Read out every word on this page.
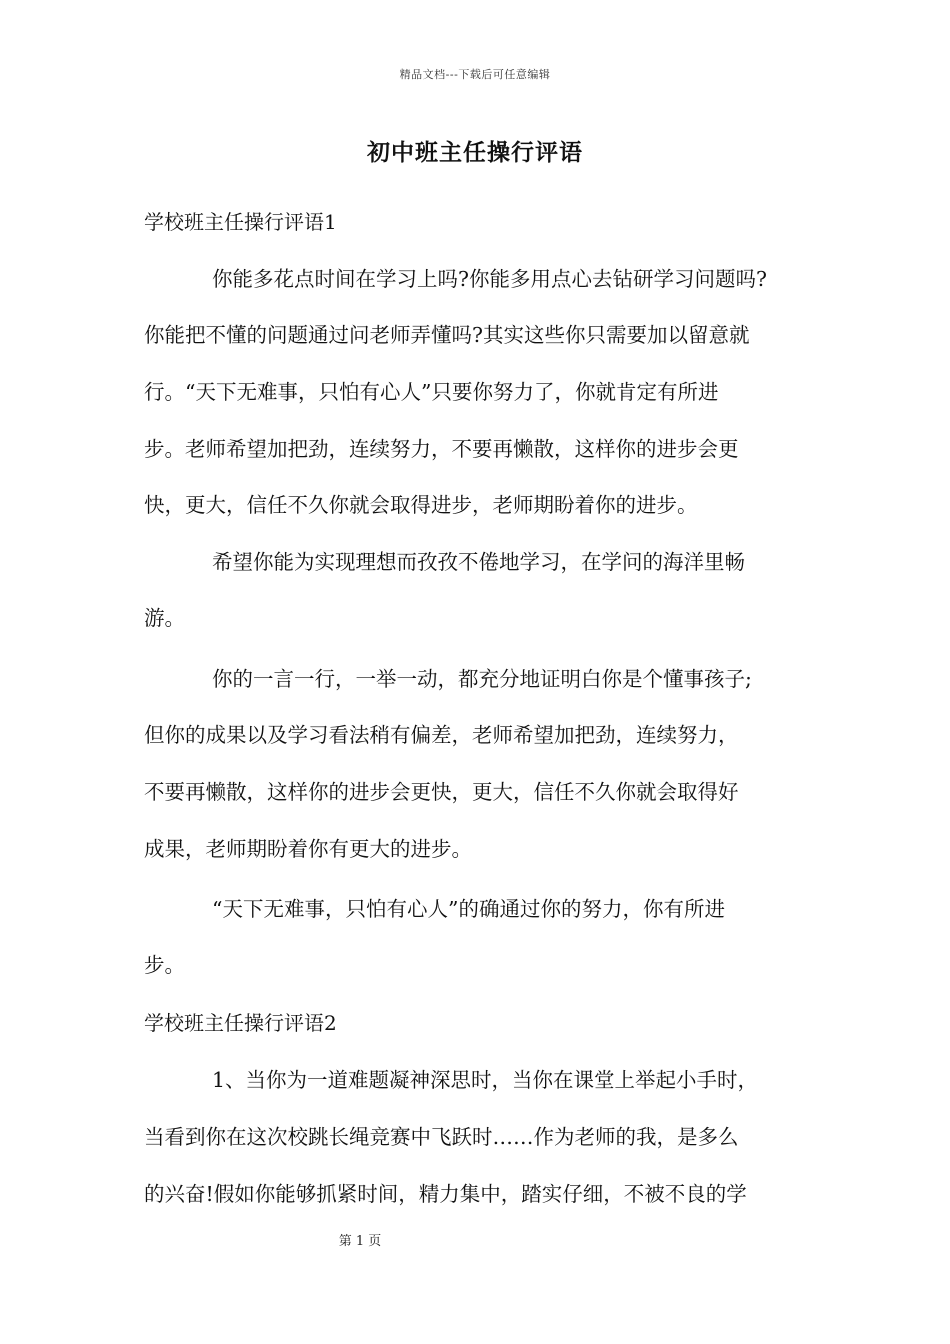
精品文档---下载后可任意编辑
初中班主任操行评语
学校班主任操行评语1
你能多花点时间在学习上吗?你能多用点心去钻研学习问题吗?
你能把不懂的问题通过问老师弄懂吗?其实这些你只需要加以留意就
行。“天下无难事，只怕有心人”只要你努力了，你就肯定有所进
步。老师希望加把劲，连续努力，不要再懒散，这样你的进步会更
快，更大，信任不久你就会取得进步，老师期盼着你的进步。
希望你能为实现理想而孜孜不倦地学习，在学问的海洋里畅
游。
你的一言一行，一举一动，都充分地证明白你是个懂事孩子;
但你的成果以及学习看法稍有偏差，老师希望加把劲，连续努力，
不要再懒散，这样你的进步会更快，更大，信任不久你就会取得好
成果，老师期盼着你有更大的进步。
“天下无难事，只怕有心人”的确通过你的努力，你有所进
步。
学校班主任操行评语2
1、当你为一道难题凝神深思时，当你在课堂上举起小手时，
当看到你在这次校跳长绳竞赛中飞跃时……作为老师的我，是多么
的兴奋!假如你能够抓紧时间，精力集中，踏实仔细，不被不良的学
第 1 页
